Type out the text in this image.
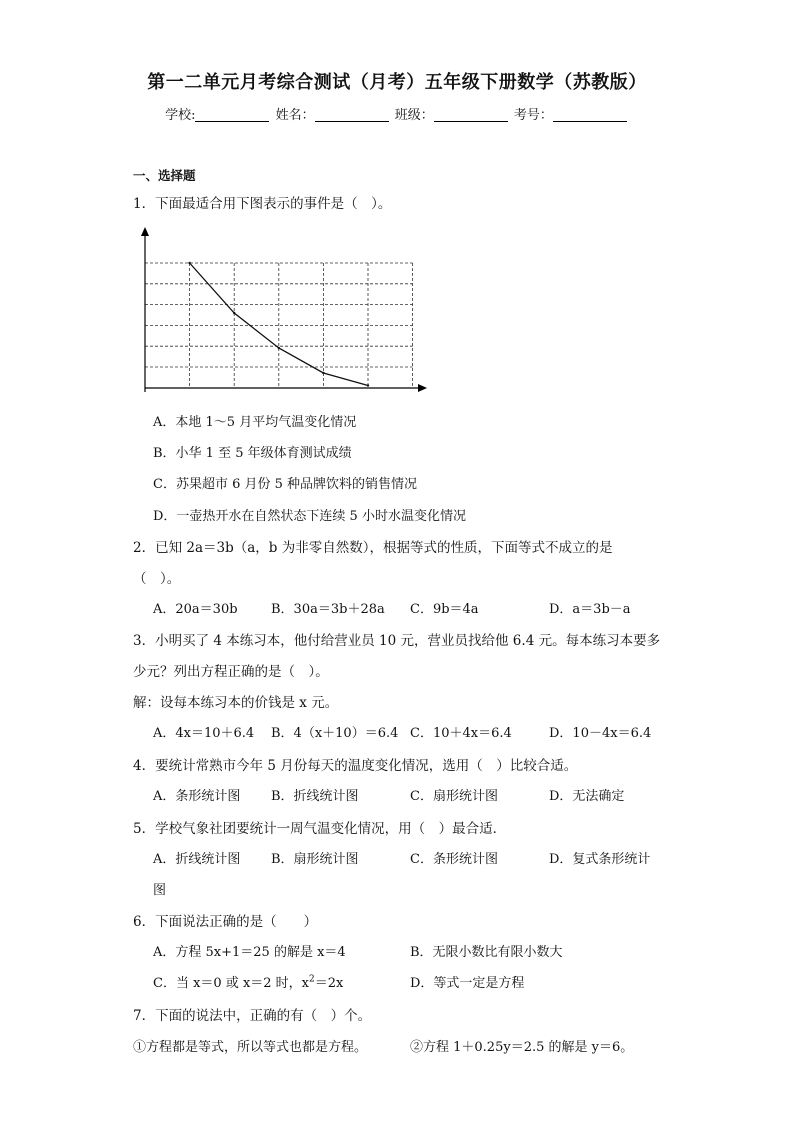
第一二单元月考综合测试（月考）五年级下册数学（苏教版）
学校:	姓名：	班级：	考号：
一、选择题
1．下面最适合用下图表示的事件是（　）。
A．本地 1～5 月平均气温变化情况
B．小华 1 至 5 年级体育测试成绩
C．苏果超市 6 月份 5 种品牌饮料的销售情况
D．一壶热开水在自然状态下连续 5 小时水温变化情况
2．已知 2a＝3b（a，b 为非零自然数），根据等式的性质，下面等式不成立的是
（　）。
A．20a＝30b	B．30a＝3b＋28a C．9b＝4a	D．a＝3b－a
3．小明买了 4 本练习本，他付给营业员 10 元，营业员找给他 6.4 元。每本练习本要多
少元？列出方程正确的是（　）。
解：设每本练习本的价钱是 x 元。
A．4x＝10＋6.4 B．4（x＋10）＝6.4 C．10＋4x＝6.4	D．10－4x＝6.4
4．要统计常熟市今年 5 月份每天的温度变化情况，选用（　）比较合适。
A．条形统计图 B．折线统计图	C．扇形统计图	D．无法确定
5．学校气象社团要统计一周气温变化情况，用（　）最合适．
A．折线统计图 B．扇形统计图	C．条形统计图	D．复式条形统计
图
6．下面说法正确的是（　　）
A．方程 5x+1＝25 的解是 x＝4	B．无限小数比有限小数大
C．当 x＝0 或 x＝2 时，$x^2=2x$	D．等式一定是方程
7．下面的说法中，正确的有（　）个。
①方程都是等式，所以等式也都是方程。	②方程 1＋0.25y＝2.5 的解是 y＝6。
